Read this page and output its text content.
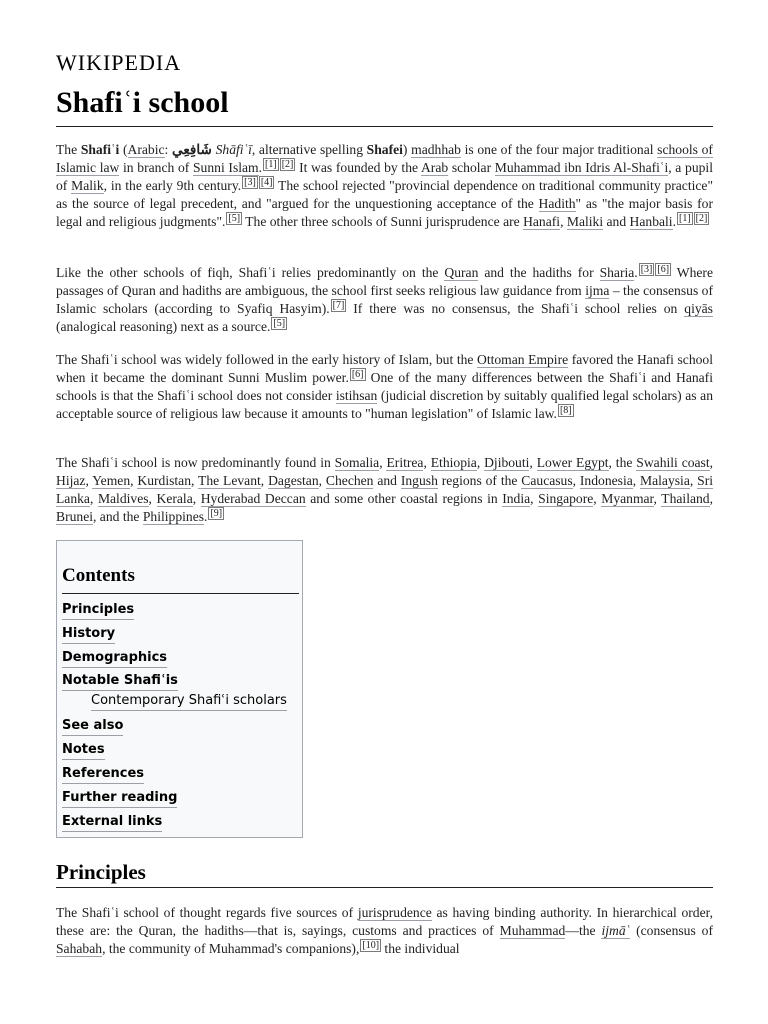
WIKIPEDIA
Shafiʿi school

The Shafiʿi (Arabic: شَافِعِي Shāfiʿī, alternative spelling Shafei) madhhab is one of the four major traditional schools of Islamic law in branch of Sunni Islam. [1] [2] It was founded by the Arab scholar Muhammad ibn Idris Al-Shafiʿi, a pupil of Malik, in the early 9th century. [3] [4] The school rejected "provincial dependence on traditional community practice" as the source of legal precedent, and "argued for the unquestioning acceptance of the Hadith" as "the major basis for legal and religious judgments". [5] The other three schools of Sunni jurisprudence are Hanafi, Maliki and Hanbali. [1] [2]

Like the other schools of fiqh, Shafiʿi relies predominantly on the Quran and the hadiths for Sharia. [3] [6] Where passages of Quran and hadiths are ambiguous, the school first seeks religious law guidance from ijma – the consensus of Islamic scholars (according to Syafiq Hasyim). [7] If there was no consensus, the Shafiʿi school relies on qiyās (analogical reasoning) next as a source. [5]

The Shafiʿi school was widely followed in the early history of Islam, but the Ottoman Empire favored the Hanafi school when it became the dominant Sunni Muslim power. [6] One of the many differences between the Shafiʿi and Hanafi schools is that the Shafiʿi school does not consider istihsan (judicial discretion by suitably qualified legal scholars) as an acceptable source of religious law because it amounts to "human legislation" of Islamic law. [8]

The Shafiʿi school is now predominantly found in Somalia, Eritrea, Ethiopia, Djibouti, Lower Egypt, the Swahili coast, Hijaz, Yemen, Kurdistan, The Levant, Dagestan, Chechen and Ingush regions of the Caucasus, Indonesia, Malaysia, Sri Lanka, Maldives, Kerala, Hyderabad Deccan and some other coastal regions in India, Singapore, Myanmar, Thailand, Brunei, and the Philippines. [9]

Contents
Principles
History
Demographics
Notable Shafiʿis
Contemporary Shafiʿi scholars
See also
Notes
References
Further reading
External links
Principles

The Shafiʿi school of thought regards five sources of jurisprudence as having binding authority. In hierarchical order, these are: the Quran, the hadiths—that is, sayings, customs and practices of Muhammad—the ijmāʿ (consensus of Sahabah, the community of Muhammad's companions), [10] the individual
